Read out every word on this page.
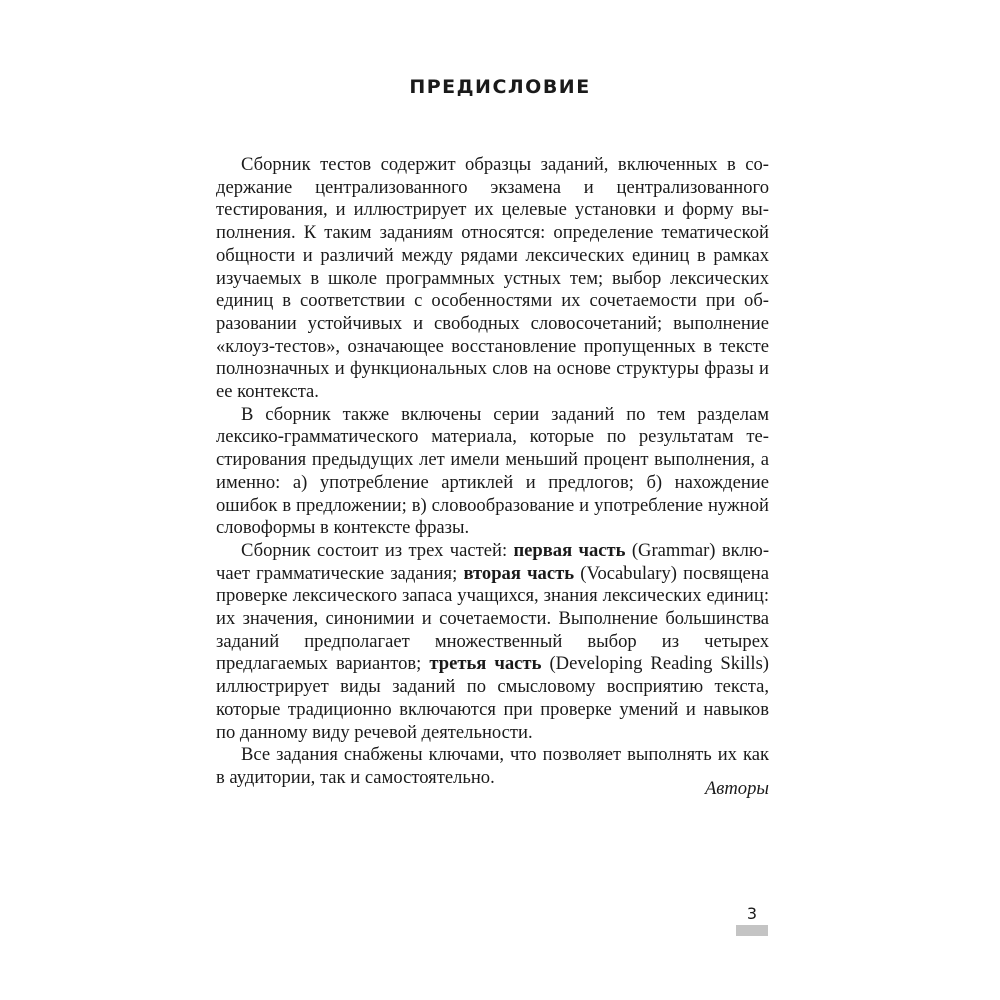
ПРЕДИСЛОВИЕ

Сборник тестов содержит образцы заданий, включенных в содержание централизованного экзамена и централизованного тестирования, и иллюстрирует их целевые установки и форму выполнения. К таким заданиям относятся: определение тематической общности и различий между рядами лексических единиц в рамках изучаемых в школе программных устных тем; выбор лексических единиц в соответствии с особенностями их сочетаемости при образовании устойчивых и свободных словосочетаний; выполнение «клоуз-тестов», означающее восстановление пропущенных в тексте полнозначных и функциональных слов на основе структуры фразы и ее контекста.

В сборник также включены серии заданий по тем разделам лексико-грамматического материала, которые по результатам тестирования предыдущих лет имели меньший процент выполнения, а именно: а) употребление артиклей и предлогов; б) нахождение ошибок в предложении; в) словообразование и употребление нужной словоформы в контексте фразы.

Сборник состоит из трех частей: первая часть (Grammar) включает грамматические задания; вторая часть (Vocabulary) посвящена проверке лексического запаса учащихся, знания лексических единиц: их значения, синонимии и сочетаемости. Выполнение большинства заданий предполагает множественный выбор из четырех предлагаемых вариантов; третья часть (Developing Reading Skills) иллюстрирует виды заданий по смысловому восприятию текста, которые традиционно включаются при проверке умений и навыков по данному виду речевой деятельности.

Все задания снабжены ключами, что позволяет выполнять их как в аудитории, так и самостоятельно.

Авторы
3
